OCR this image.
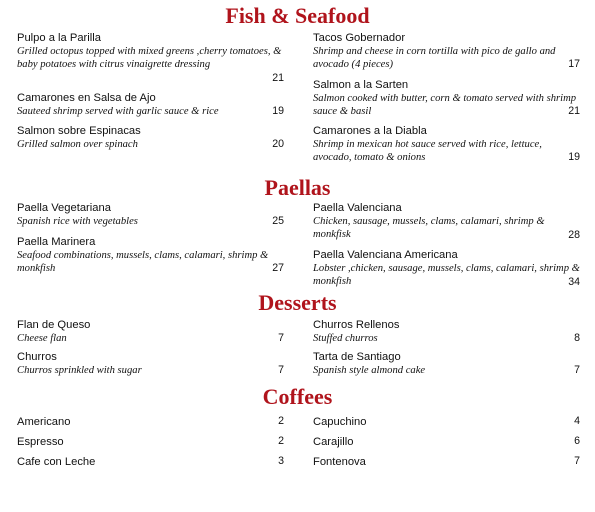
Fish & Seafood

Pulpo a la Parilla

Grilled octopus topped with mixed greens ,cherry tomatoes, & baby potatoes with citrus vinaigrette dressing

21

Camarones en Salsa de Ajo

Sauteed shrimp served with garlic sauce & rice	19

Salmon sobre Espinacas

Grilled salmon over spinach	20

Tacos Gobernador

Shrimp and cheese in corn tortilla with pico de gallo and avocado (4 pieces)	17

Salmon a la Sarten

Salmon cooked with butter, corn & tomato served with shrimp sauce & basil	21

Camarones a la Diabla

Shrimp in mexican hot sauce served with rice, lettuce, avocado, tomato & onions	19
Paellas

Paella Vegetariana

Spanish rice with vegetables	25

Paella Marinera

Seafood combinations, mussels, clams, calamari, shrimp & monkfish	27

Paella Valenciana

Chicken, sausage, mussels, clams, calamari, shrimp & monkfisk	28

Paella Valenciana Americana

Lobster ,chicken, sausage, mussels, clams, calamari, shrimp & monkfish	34
Desserts

Flan de Queso

Cheese flan	7

Churros

Churros sprinkled with sugar	7

Churros Rellenos

Stuffed churros	8

Tarta de Santiago

Spanish style almond cake	7
Coffees

Americano	2

Espresso	2

Cafe con Leche	3

Capuchino	4

Carajillo	6

Fontenova	7
